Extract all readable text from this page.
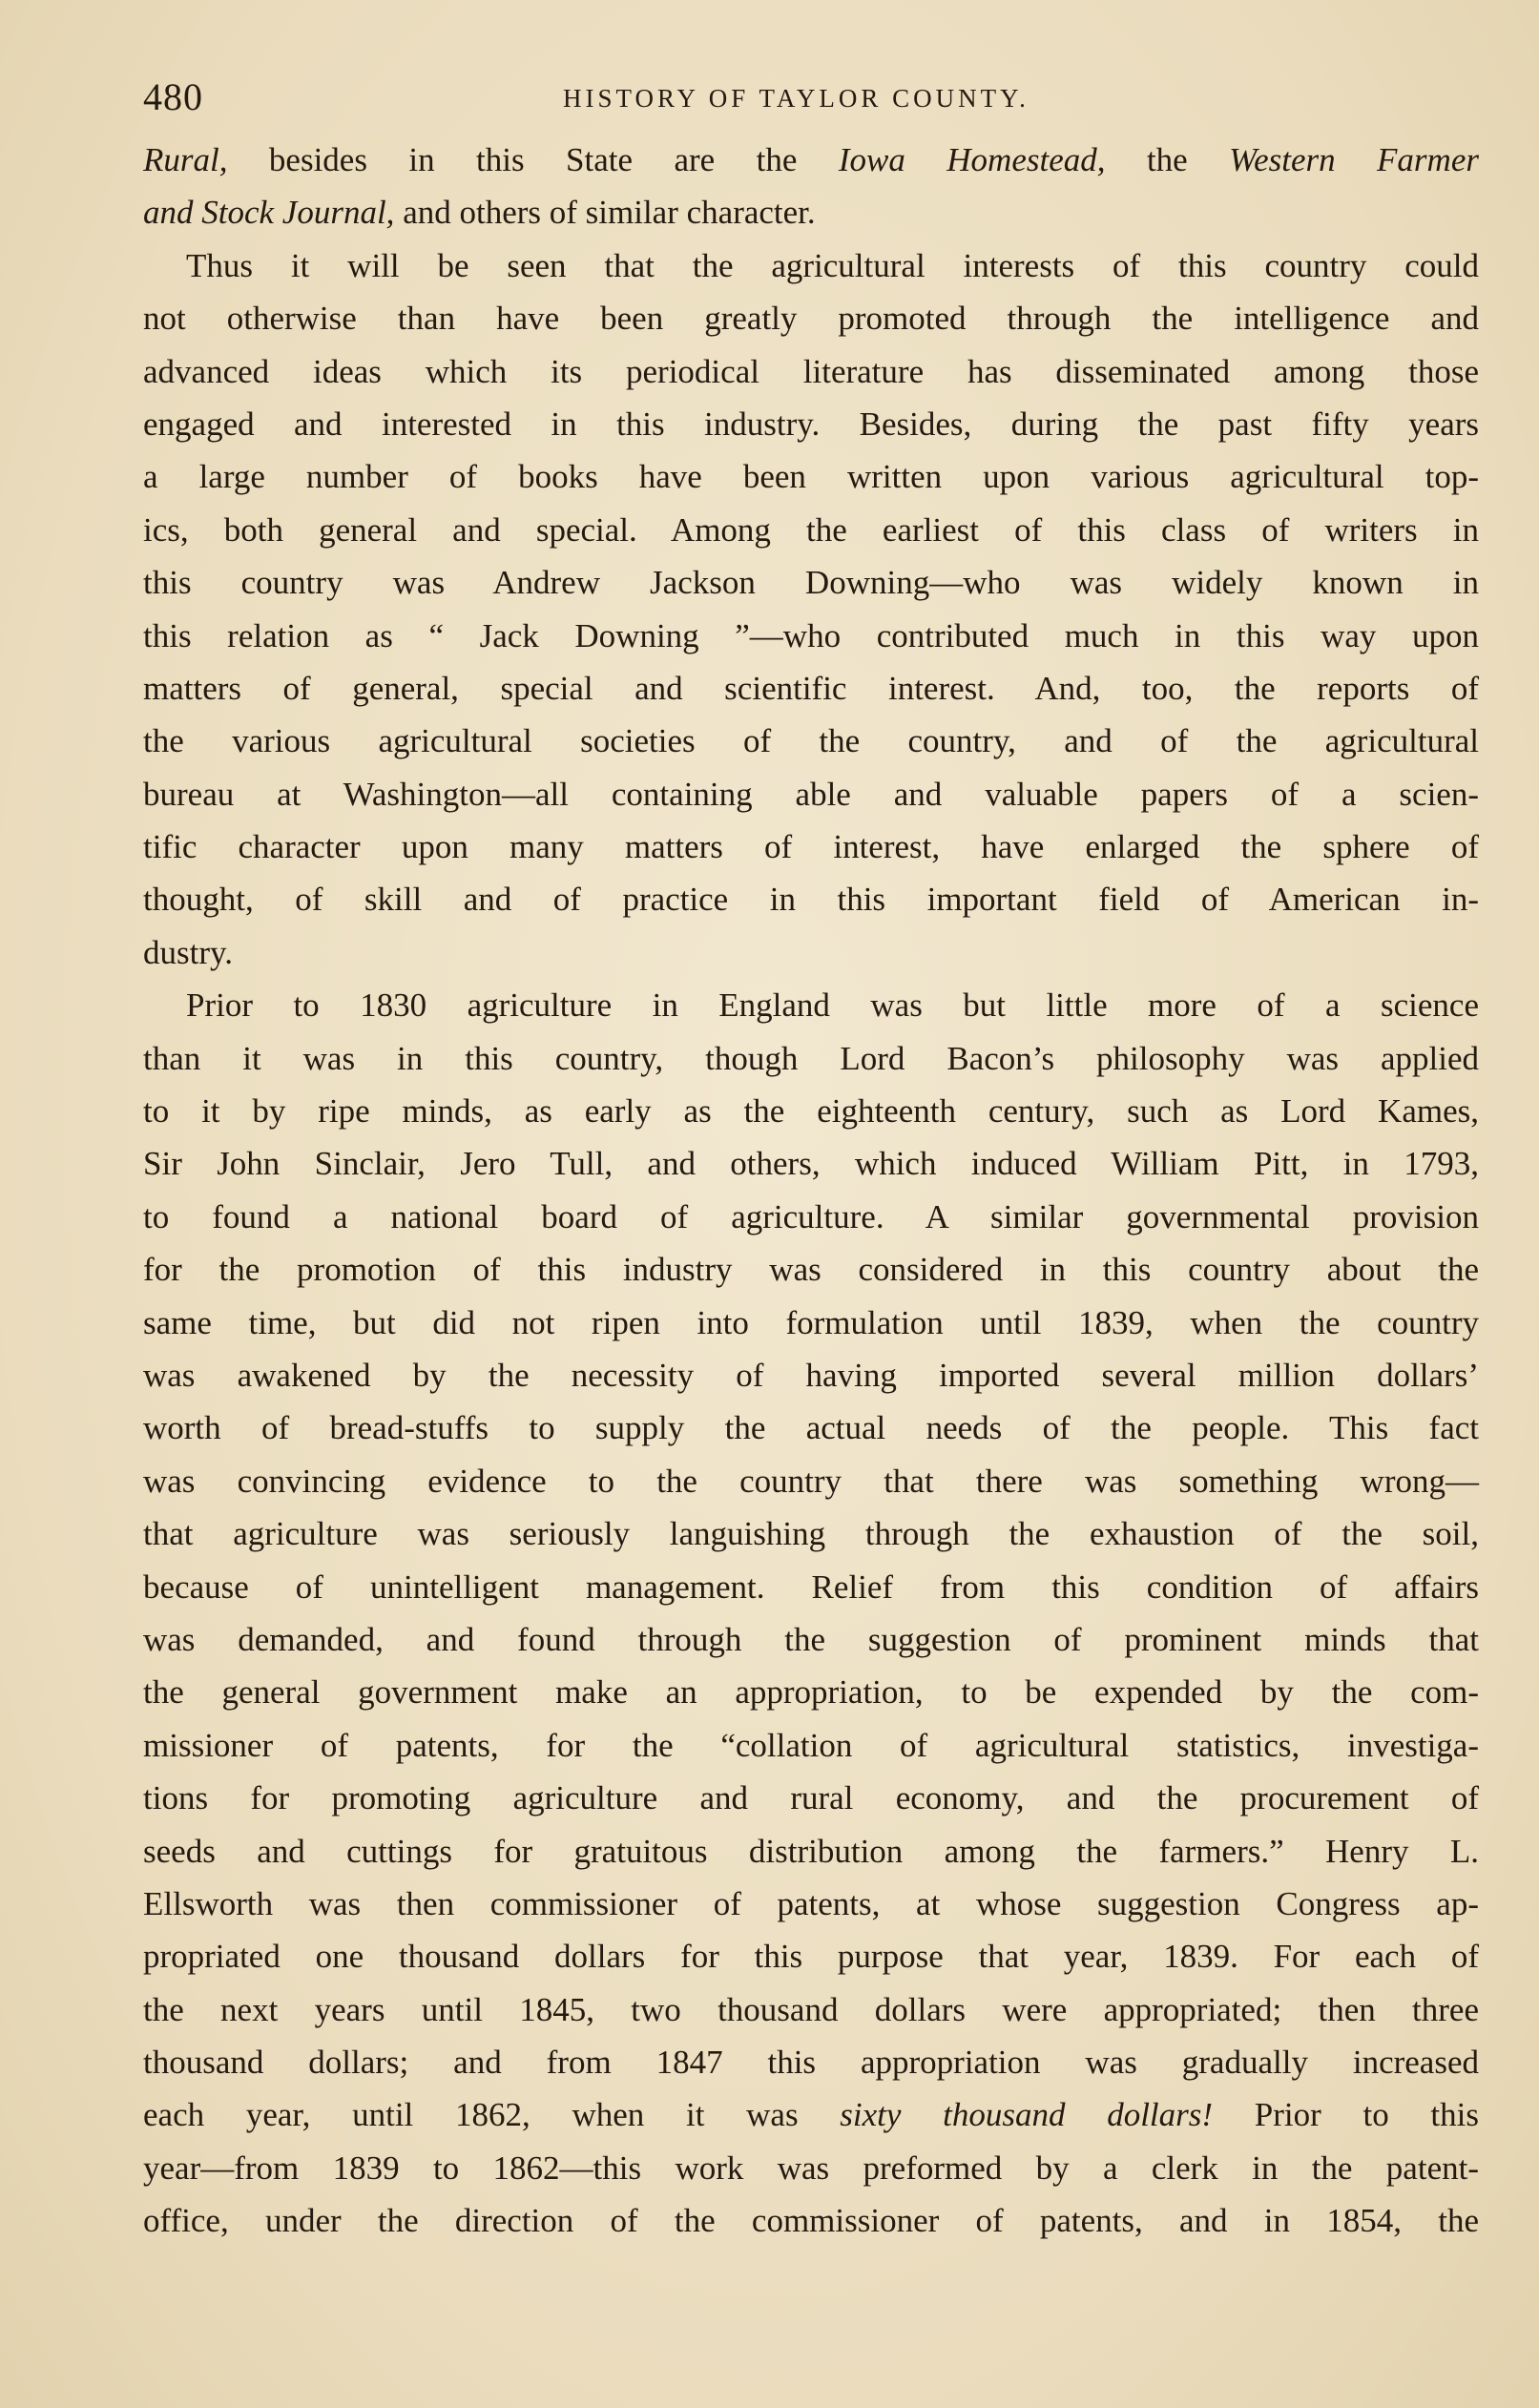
480	HISTORY OF TAYLOR COUNTY.
Rural, besides in this State are the Iowa Homestead, the Western Farmer
and Stock Journal, and others of similar character.
Thus it will be seen that the agricultural interests of this country could
not otherwise than have been greatly promoted through the intelligence and
advanced ideas which its periodical literature has disseminated among those
engaged and interested in this industry. Besides, during the past fifty years
a large number of books have been written upon various agricultural top-
ics, both general and special. Among the earliest of this class of writers in
this country was Andrew Jackson Downing—who was widely known in
this relation as “ Jack Downing ”—who contributed much in this way upon
matters of general, special and scientific interest. And, too, the reports of
the various agricultural societies of the country, and of the agricultural
bureau at Washington—all containing able and valuable papers of a scien-
tific character upon many matters of interest, have enlarged the sphere of
thought, of skill and of practice in this important field of American in-
dustry.
Prior to 1830 agriculture in England was but little more of a science
than it was in this country, though Lord Bacon’s philosophy was applied
to it by ripe minds, as early as the eighteenth century, such as Lord Kames,
Sir John Sinclair, Jero Tull, and others, which induced William Pitt, in 1793,
to found a national board of agriculture. A similar governmental provision
for the promotion of this industry was considered in this country about the
same time, but did not ripen into formulation until 1839, when the country
was awakened by the necessity of having imported several million dollars’
worth of bread-stuffs to supply the actual needs of the people. This fact
was convincing evidence to the country that there was something wrong—
that agriculture was seriously languishing through the exhaustion of the soil,
because of unintelligent management. Relief from this condition of affairs
was demanded, and found through the suggestion of prominent minds that
the general government make an appropriation, to be expended by the com-
missioner of patents, for the “collation of agricultural statistics, investiga-
tions for promoting agriculture and rural economy, and the procurement of
seeds and cuttings for gratuitous distribution among the farmers.” Henry L.
Ellsworth was then commissioner of patents, at whose suggestion Congress ap-
propriated one thousand dollars for this purpose that year, 1839. For each of
the next years until 1845, two thousand dollars were appropriated; then three
thousand dollars; and from 1847 this appropriation was gradually increased
each year, until 1862, when it was sixty thousand dollars! Prior to this
year—from 1839 to 1862—this work was preformed by a clerk in the patent-
office, under the direction of the commissioner of patents, and in 1854, the
